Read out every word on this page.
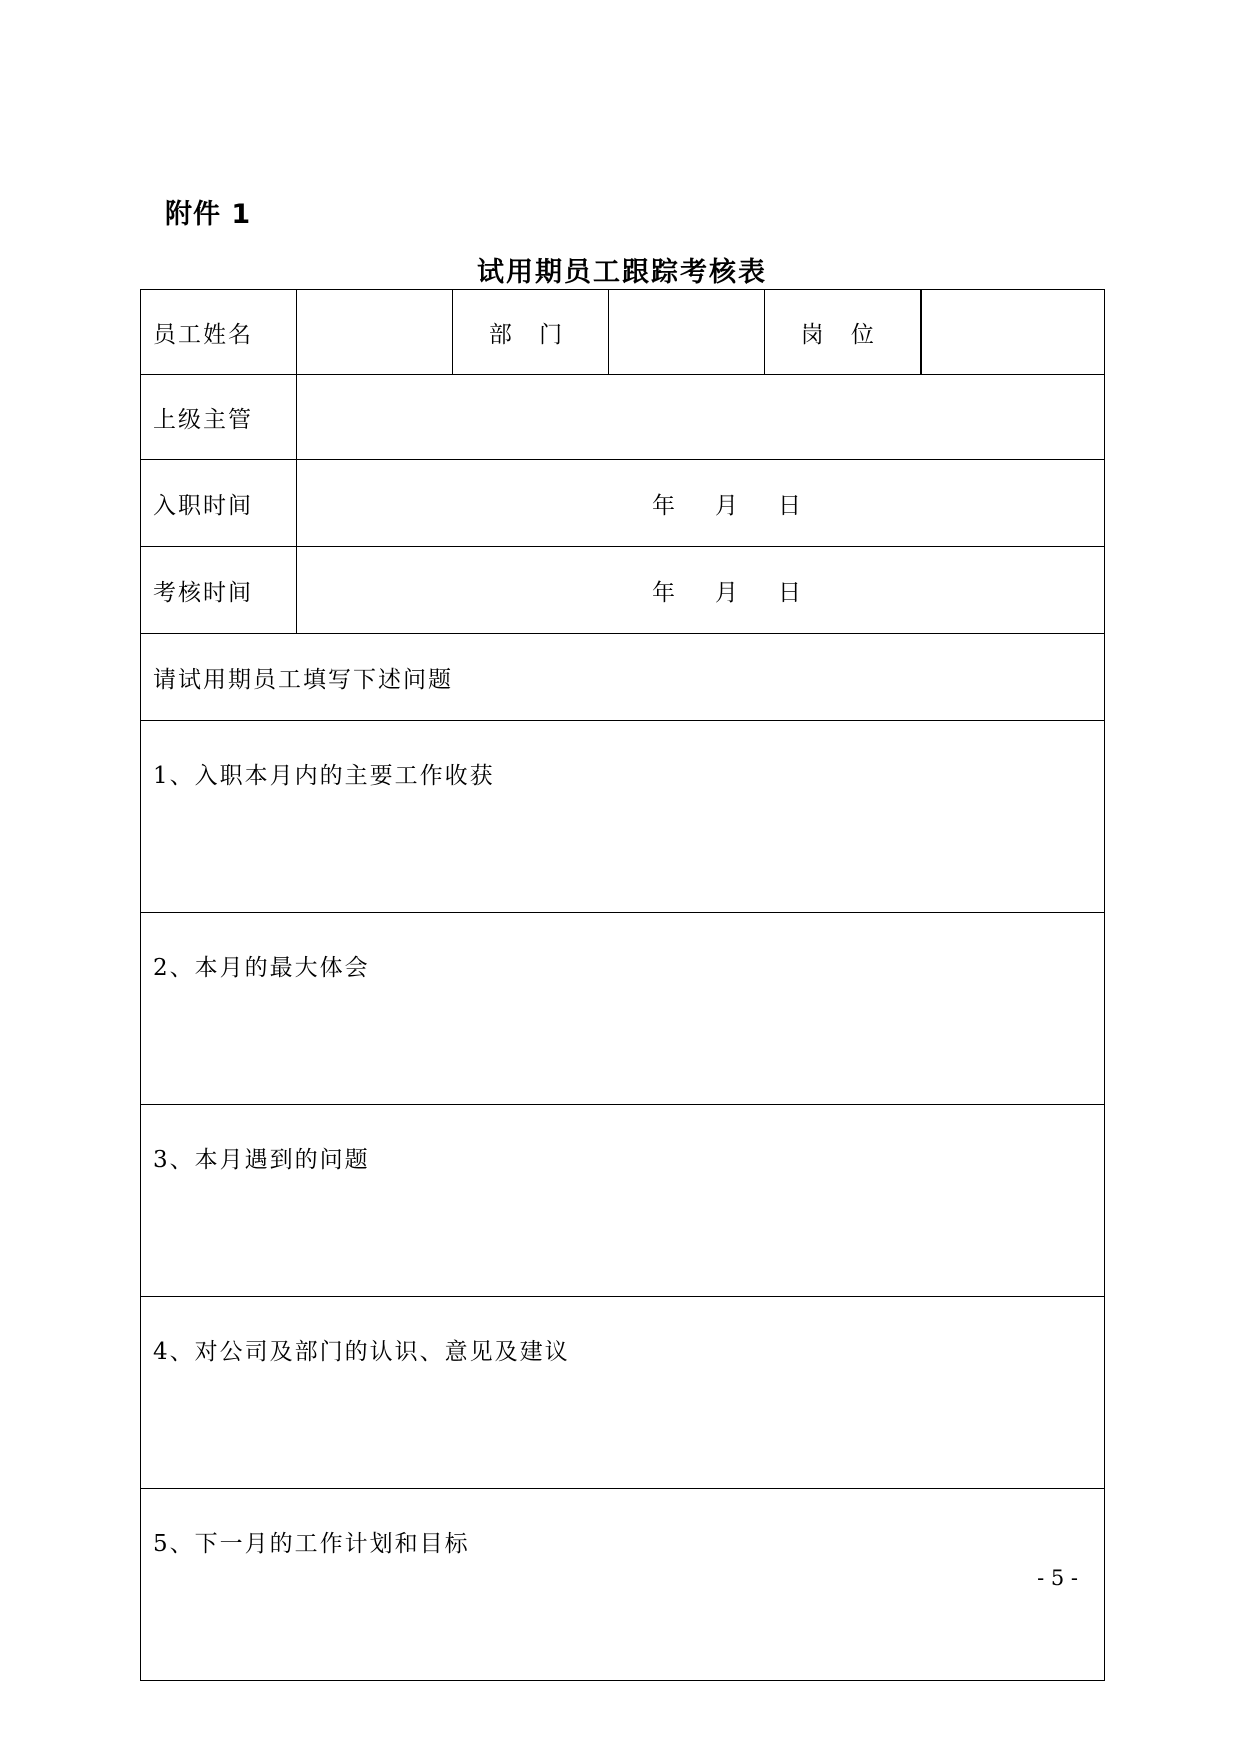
附件 1
试用期员工跟踪考核表
员工姓名		部 门		岗 位	
上级主管					
入职时间	年 月 日				
考核时间	年 月 日				
请试用期员工填写下述问题					
1、入职本月内的主要工作收获					
2、本月的最大体会					
3、本月遇到的问题					
4、对公司及部门的认识、意见及建议					
5、下一月的工作计划和目标					
- 5 -
